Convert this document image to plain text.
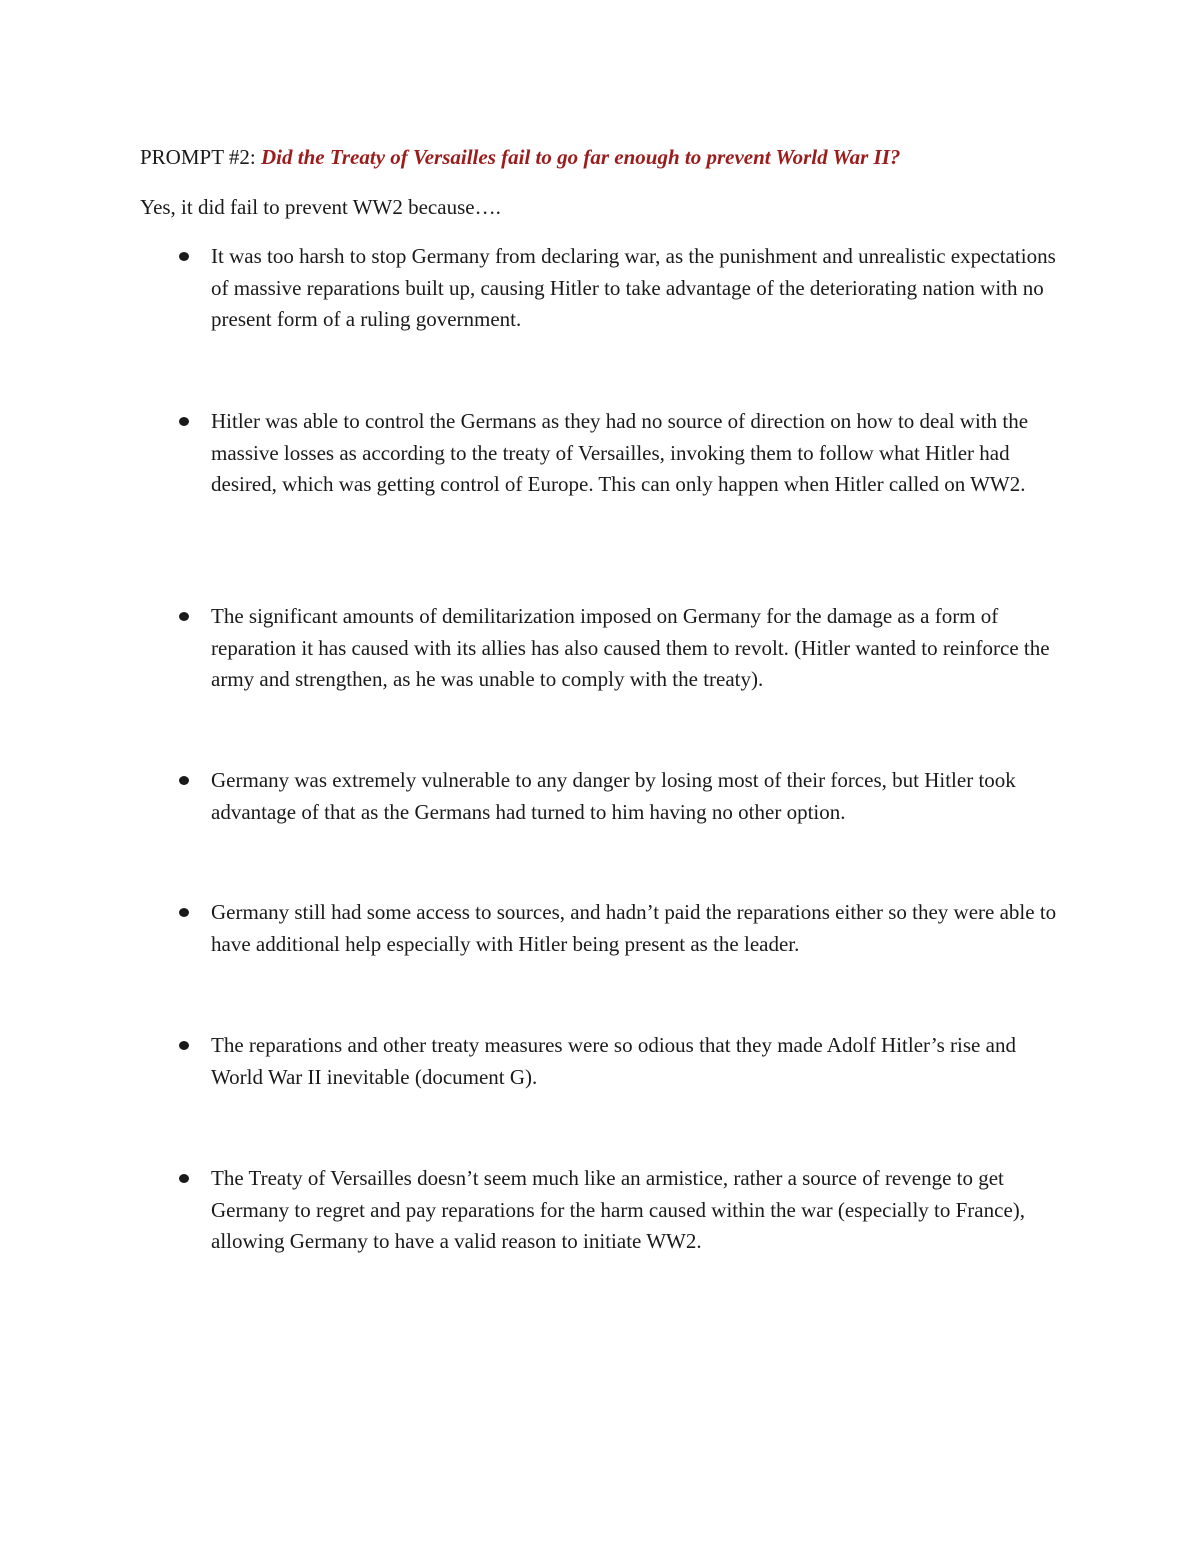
PROMPT #2: Did the Treaty of Versailles fail to go far enough to prevent World War II?
Yes, it did fail to prevent WW2 because….
It was too harsh to stop Germany from declaring war, as the punishment and unrealistic expectations of massive reparations built up, causing Hitler to take advantage of the deteriorating nation with no present form of a ruling government.
Hitler was able to control the Germans as they had no source of direction on how to deal with the massive losses as according to the treaty of Versailles, invoking them to follow what Hitler had desired, which was getting control of Europe. This can only happen when Hitler called on WW2.
The significant amounts of demilitarization imposed on Germany for the damage as a form of reparation it has caused with its allies has also caused them to revolt. (Hitler wanted to reinforce the army and strengthen, as he was unable to comply with the treaty).
Germany was extremely vulnerable to any danger by losing most of their forces, but Hitler took advantage of that as the Germans had turned to him having no other option.
Germany still had some access to sources, and hadn’t paid the reparations either so they were able to have additional help especially with Hitler being present as the leader.
The reparations and other treaty measures were so odious that they made Adolf Hitler’s rise and World War II inevitable (document G).
The Treaty of Versailles doesn’t seem much like an armistice, rather a source of revenge to get Germany to regret and pay reparations for the harm caused within the war (especially to France), allowing Germany to have a valid reason to initiate WW2.
